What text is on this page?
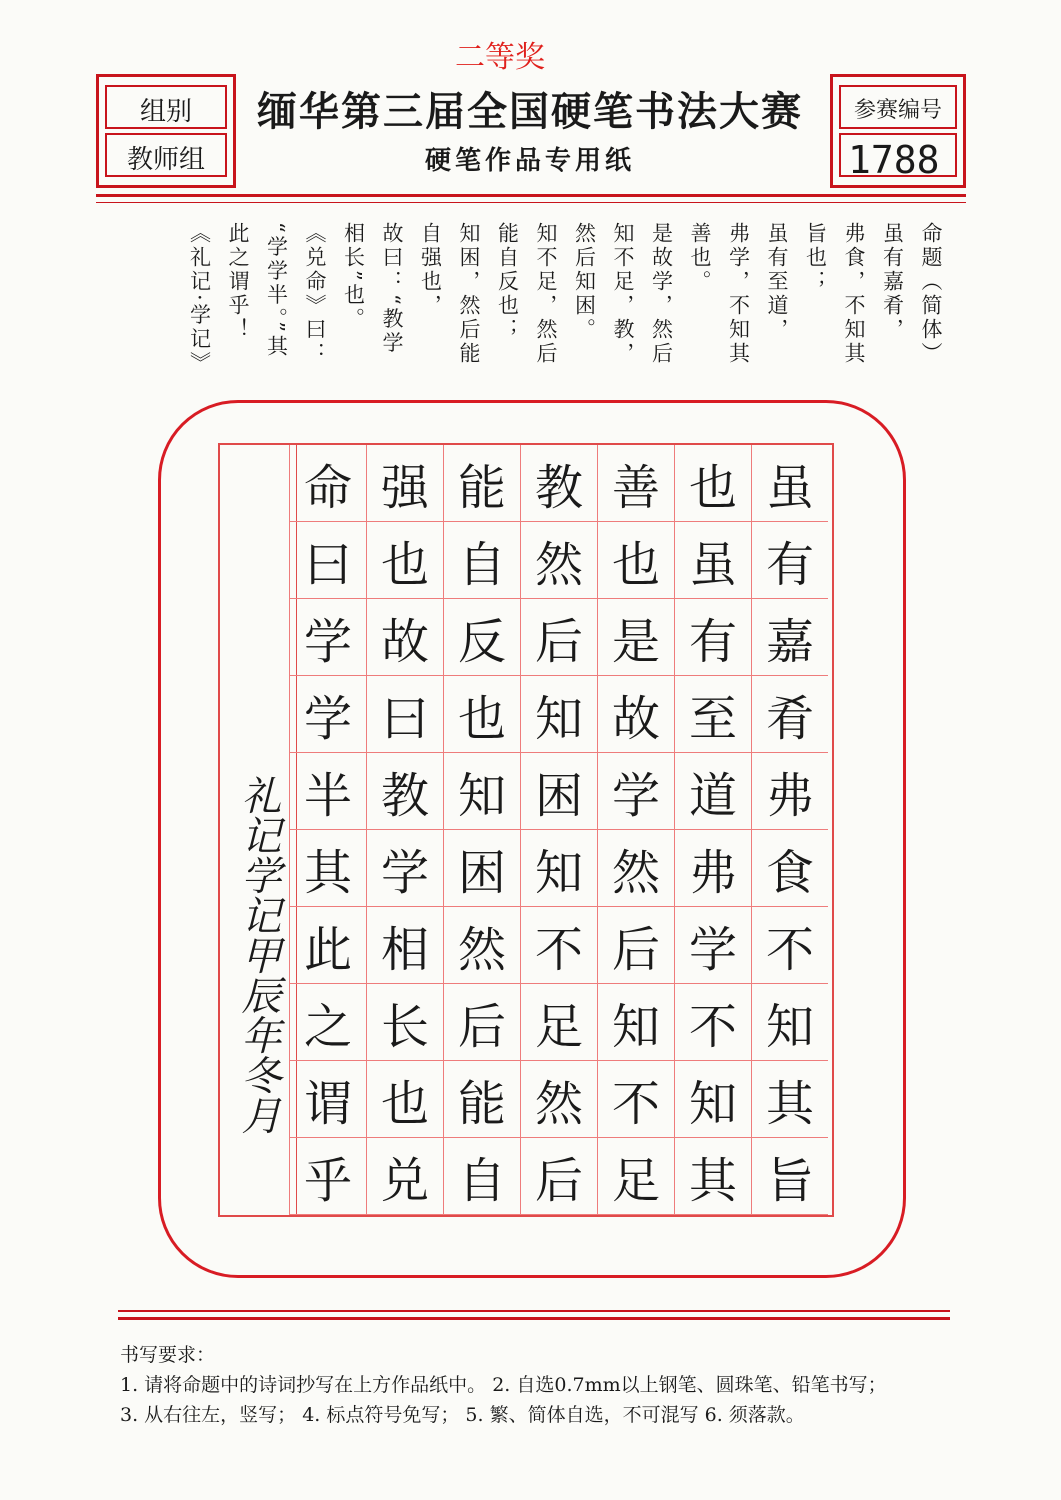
二等奖
组别
教师组
缅华第三届全国硬笔书法大赛
硬笔作品专用纸
参赛编号
1788
命题（简体）
虽有嘉肴，
弗食，不知其
旨也；
虽有至道，
弗学，不知其
善也。
是故学，然后
知不足，教，
然后知困。
知不足，然后
能自反也；
知困，然后能
自强也，
故曰：“教学
相长”也。
《兑命》曰：
“学学半。”其
此之谓乎！
《礼记·学记》
礼记学记甲辰年冬月
虽
有
嘉
肴
弗
食
不
知
其
旨
也
虽
有
至
道
弗
学
不
知
其
善
也
是
故
学
然
后
知
不
足
教
然
后
知
困
知
不
足
然
后
能
自
反
也
知
困
然
后
能
自
强
也
故
曰
教
学
相
长
也
兑
命
曰
学
学
半
其
此
之
谓
乎
书写要求：
1. 请将命题中的诗词抄写在上方作品纸中。 2. 自选0.7mm以上钢笔、圆珠笔、铅笔书写；
3. 从右往左，竖写； 4. 标点符号免写； 5. 繁、简体自选，不可混写 6. 须落款。
